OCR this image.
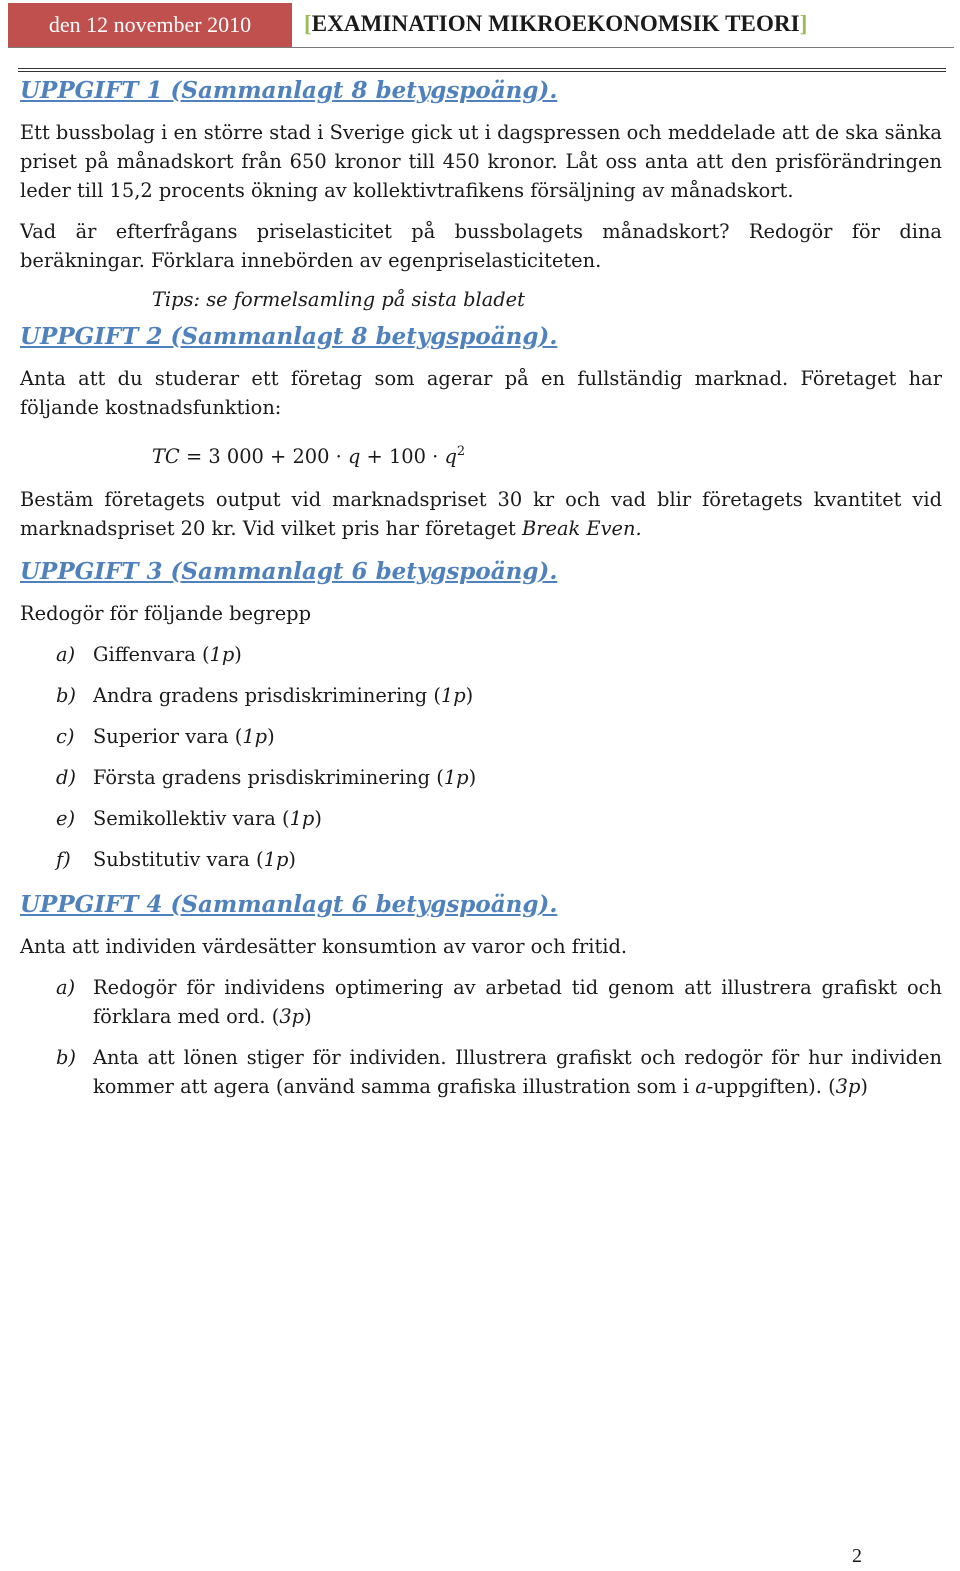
den 12 november 2010	[EXAMINATION MIKROEKONOMSIK TEORI]
UPPGIFT 1 (Sammanlagt 8 betygspoäng).

Ett bussbolag i en större stad i Sverige gick ut i dagspressen och meddelade att de ska sänka priset på månadskort från 650 kronor till 450 kronor. Låt oss anta att den prisförändringen leder till 15,2 procents ökning av kollektivtrafikens försäljning av månadskort.

Vad är efterfrågans priselasticitet på bussbolagets månadskort? Redogör för dina beräkningar. Förklara innebörden av egenpriselasticiteten.

Tips: se formelsamling på sista bladet
UPPGIFT 2 (Sammanlagt 8 betygspoäng).

Anta att du studerar ett företag som agerar på en fullständig marknad. Företaget har följande kostnadsfunktion:

TC = 3 $000 + 200 \cdot q + 100 \cdot q^2$

Bestäm företagets output vid marknadspriset 30 kr och vad blir företagets kvantitet vid marknadspriset 20 kr. Vid vilket pris har företaget Break Even.

UPPGIFT 3 (Sammanlagt 6 betygspoäng).

Redogör för följande begrepp

a) Giffenvara (1p)
b) Andra gradens prisdiskriminering (1p)
c) Superior vara (1p)
d) Första gradens prisdiskriminering (1p)
e) Semikollektiv vara (1p)
f)	Substitutiv vara (1p)
UPPGIFT 4 (Sammanlagt 6 betygspoäng).

Anta att individen värdesätter konsumtion av varor och fritid.

a) Redogör för individens optimering av arbetad tid genom att illustrera grafiskt och förklara med ord. (3p)
b) Anta att lönen stiger för individen. Illustrera grafiskt och redogör för hur individen kommer att agera (använd samma grafiska illustration som i a-uppgiften). (3p)
2
